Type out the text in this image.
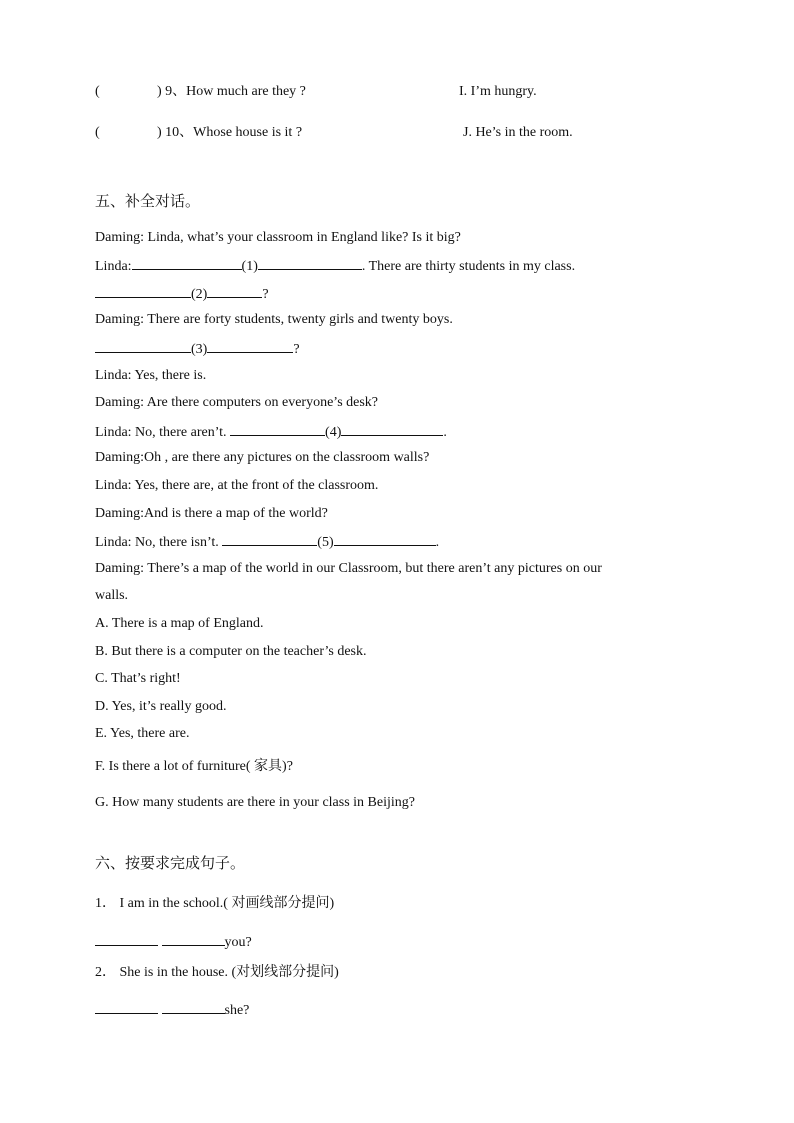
(	) 9、How much are they ?	I. I’m hungry.
(	) 10、Whose house is it ?	J. He’s in the room.
五、补全对话。
Daming: Linda, what’s your classroom in England like? Is it big?
Linda:	(1)	. There are thirty students in my class.
(2)	?
Daming: There are forty students, twenty girls and twenty boys.
(3)	?
Linda: Yes, there is.
Daming: Are there computers on everyone’s desk?
Linda: No, there aren’t.	(4)	.
Daming:Oh , are there any pictures on the classroom walls?
Linda: Yes, there are, at the front of the classroom.
Daming:And is there a map of the world?
Linda: No, there isn’t.	(5)	.
Daming: There’s a map of the world in our Classroom, but there aren’t any pictures on our
walls.
A. There is a map of England.
B. But there is a computer on the teacher’s desk.
C. That’s right!
D. Yes, it’s really good.
E. Yes, there are.
F. Is there a lot of furniture( 家具)?
G. How many students are there in your class in Beijing?
六、按要求完成句子。
1． I am in the school.( 对画线部分提问)
you?
2． She is in the house. (对划线部分提问)
she?
